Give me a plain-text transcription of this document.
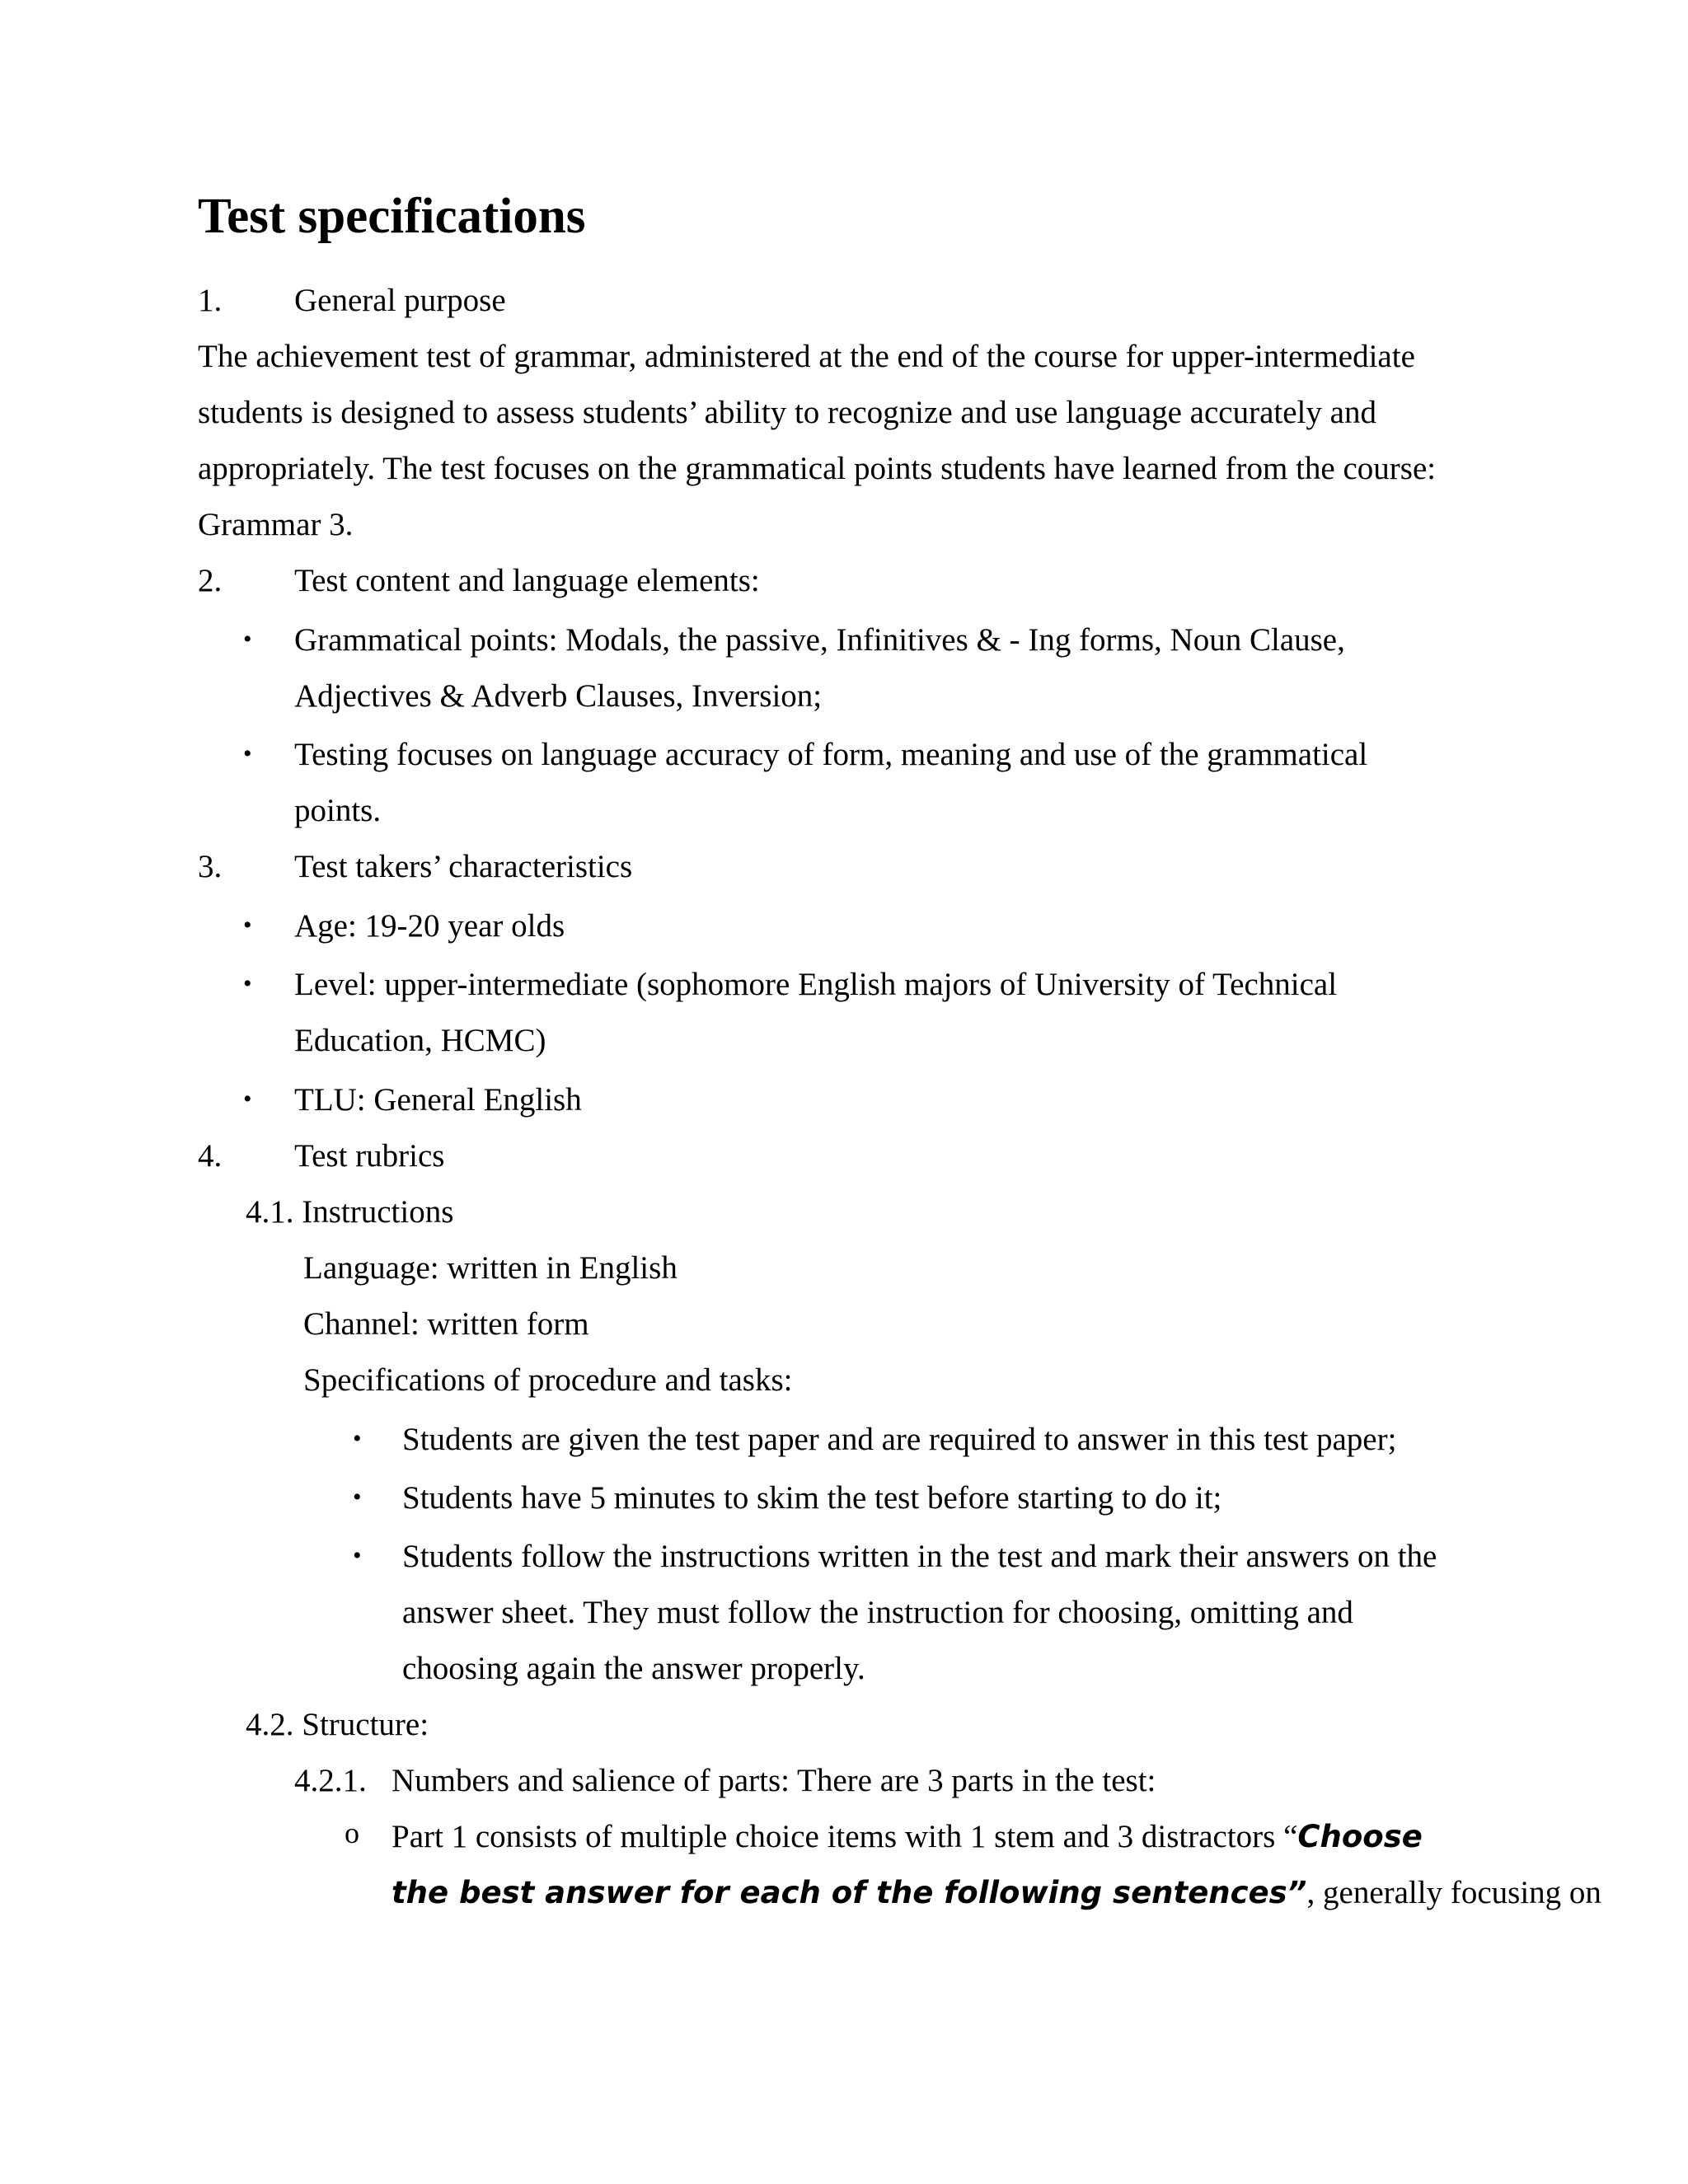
Test specifications
1. General purpose
The achievement test of grammar, administered at the end of the course for upper-intermediate
students is designed to assess students’ ability to recognize and use language accurately and
appropriately. The test focuses on the grammatical points students have learned from the course:
Grammar 3.
2. Test content and language elements:
• Grammatical points: Modals, the passive, Infinitives & - Ing forms, Noun Clause,
Adjectives & Adverb Clauses, Inversion;
• Testing focuses on language accuracy of form, meaning and use of the grammatical
points.
3. Test takers’ characteristics
• Age: 19-20 year olds
• Level: upper-intermediate (sophomore English majors of University of Technical
Education, HCMC)
• TLU: General English
4. Test rubrics
4.1. Instructions
Language: written in English
Channel: written form
Specifications of procedure and tasks:
• Students are given the test paper and are required to answer in this test paper;
• Students have 5 minutes to skim the test before starting to do it;
• Students follow the instructions written in the test and mark their answers on the
answer sheet. They must follow the instruction for choosing, omitting and
choosing again the answer properly.
4.2. Structure:
4.2.1. Numbers and salience of parts: There are 3 parts in the test:
o Part 1 consists of multiple choice items with 1 stem and 3 distractors “Choose
the best answer for each of the following sentences”, generally focusing on
